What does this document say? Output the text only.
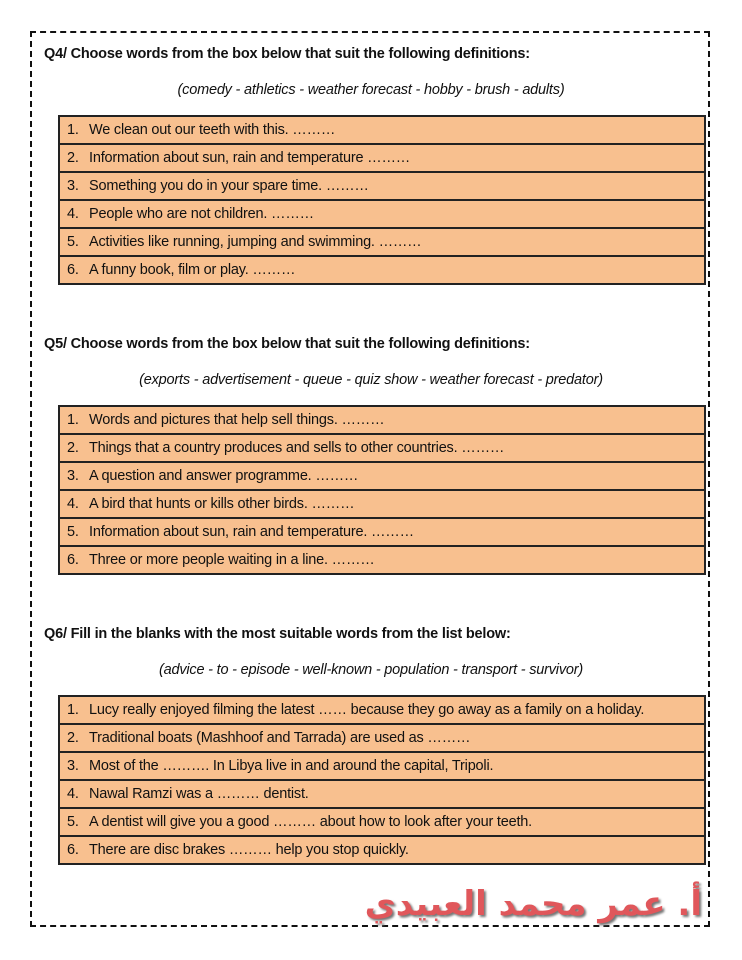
Q4/ Choose words from the box below that suit the following definitions:
(comedy - athletics - weather forecast - hobby - brush - adults)
1. We clean out our teeth with this. ………
2. Information about sun, rain and temperature ………
3. Something you do in your spare time. ………
4. People who are not children. ………
5. Activities like running, jumping and swimming. ………
6. A funny book, film or play. ………
Q5/ Choose words from the box below that suit the following definitions:
(exports - advertisement - queue - quiz show - weather forecast - predator)
1. Words and pictures that help sell things. ………
2. Things that a country produces and sells to other countries. ………
3. A question and answer programme. ………
4. A bird that hunts or kills other birds. ………
5. Information about sun, rain and temperature. ………
6. Three or more people waiting in a line. ………
Q6/ Fill in the blanks with the most suitable words from the list below:
(advice - to - episode - well-known - population - transport - survivor)
1. Lucy really enjoyed filming the latest …… because they go away as a family on a holiday.
2. Traditional boats (Mashhoof and Tarrada) are used as ………
3. Most of the ………. In Libya live in and around the capital, Tripoli.
4. Nawal Ramzi was a ……… dentist.
5. A dentist will give you a good ……… about how to look after your teeth.
6. There are disc brakes ……… help you stop quickly.
أ. عمر محمد العبيدي
